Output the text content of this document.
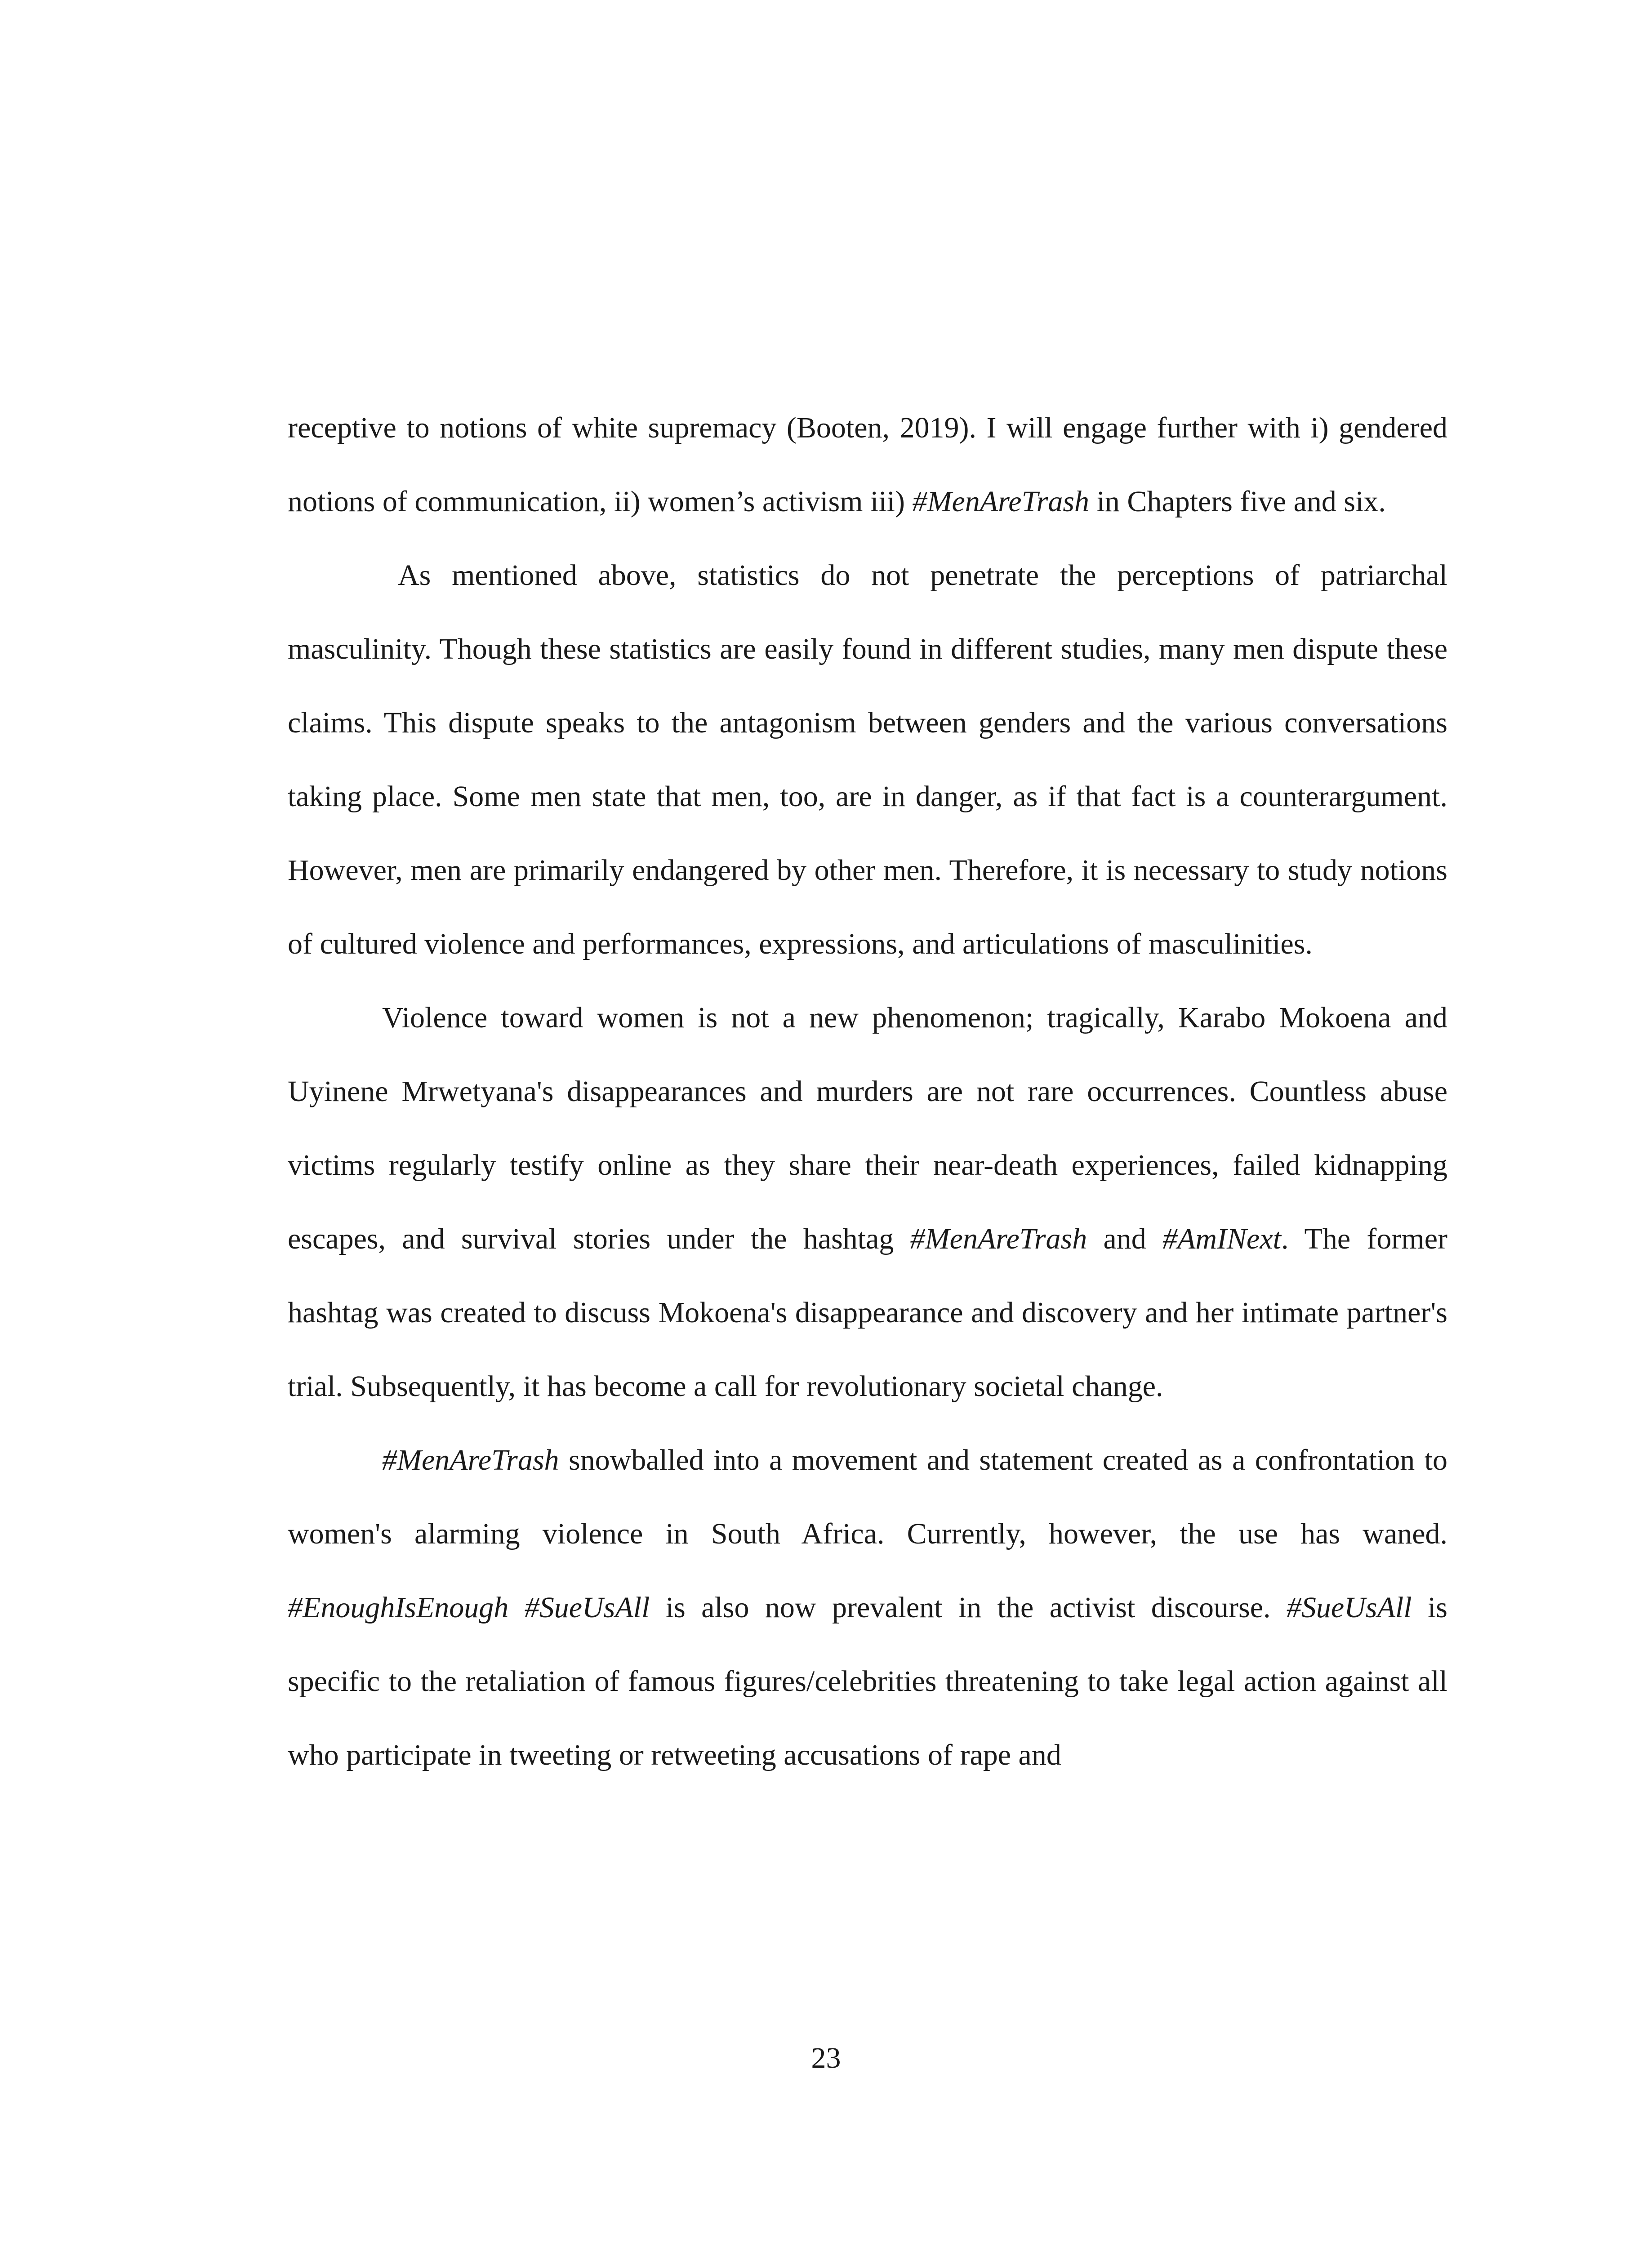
receptive to notions of white supremacy (Booten, 2019). I will engage further with i) gendered notions of communication, ii) women’s activism iii) #MenAreTrash in Chapters five and six.

As mentioned above, statistics do not penetrate the perceptions of patriarchal masculinity. Though these statistics are easily found in different studies, many men dispute these claims. This dispute speaks to the antagonism between genders and the various conversations taking place. Some men state that men, too, are in danger, as if that fact is a counterargument. However, men are primarily endangered by other men. Therefore, it is necessary to study notions of cultured violence and performances, expressions, and articulations of masculinities.

Violence toward women is not a new phenomenon; tragically, Karabo Mokoena and Uyinene Mrwetyana's disappearances and murders are not rare occurrences. Countless abuse victims regularly testify online as they share their near-death experiences, failed kidnapping escapes, and survival stories under the hashtag #MenAreTrash and #AmINext. The former hashtag was created to discuss Mokoena's disappearance and discovery and her intimate partner's trial. Subsequently, it has become a call for revolutionary societal change.

#MenAreTrash snowballed into a movement and statement created as a confrontation to women's alarming violence in South Africa. Currently, however, the use has waned. #EnoughIsEnough #SueUsAll is also now prevalent in the activist discourse. #SueUsAll is specific to the retaliation of famous figures/celebrities threatening to take legal action against all who participate in tweeting or retweeting accusations of rape and

23
